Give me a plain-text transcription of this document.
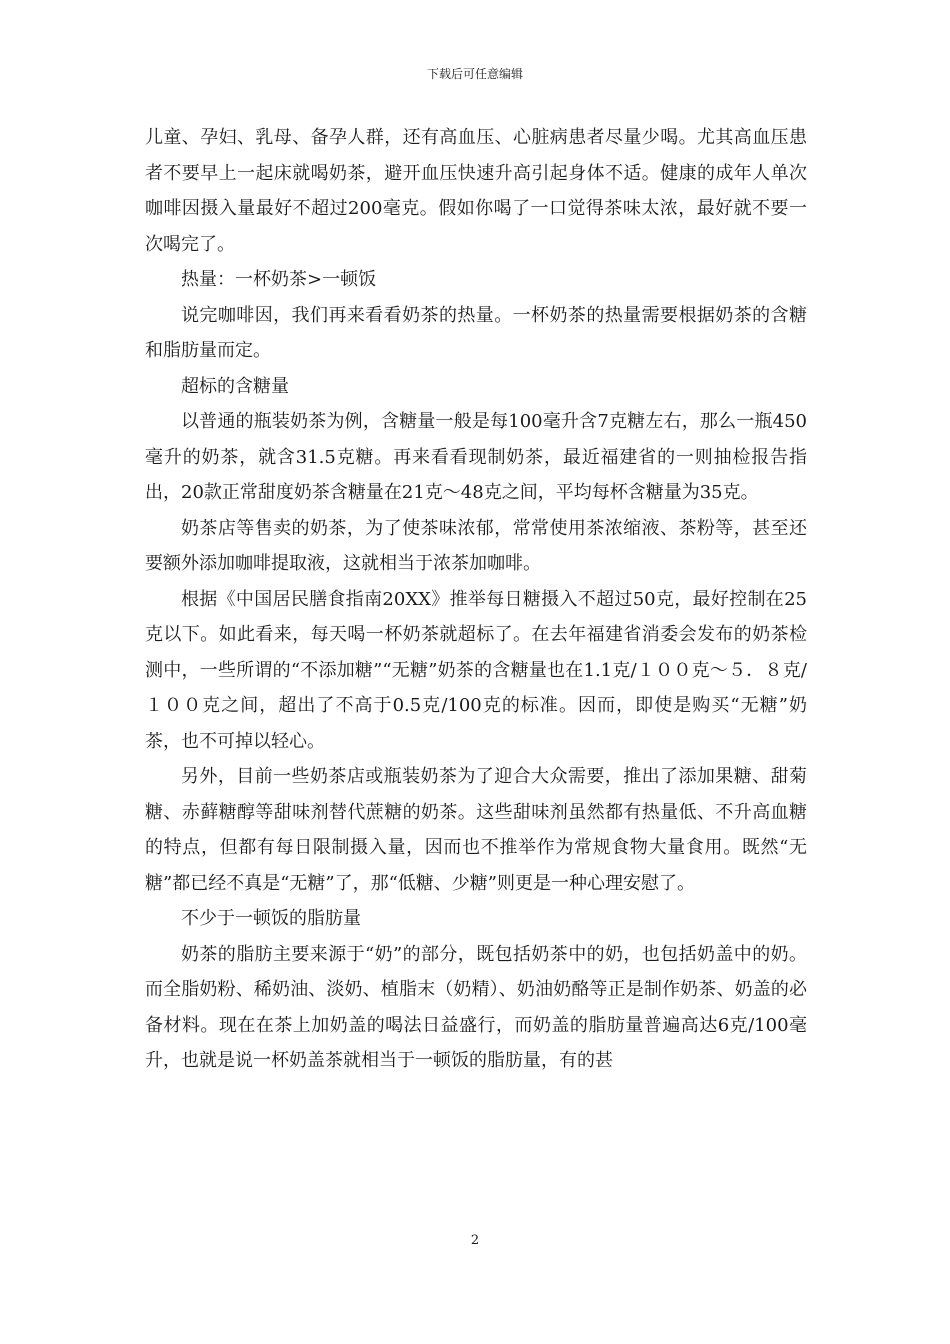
下载后可任意编辑

儿童、孕妇、乳母、备孕人群，还有高血压、心脏病患者尽量少喝。尤其高血压患者不要早上一起床就喝奶茶，避开血压快速升高引起身体不适。健康的成年人单次咖啡因摄入量最好不超过200毫克。假如你喝了一口觉得茶味太浓，最好就不要一次喝完了。

热量：一杯奶茶>一顿饭

说完咖啡因，我们再来看看奶茶的热量。一杯奶茶的热量需要根据奶茶的含糖和脂肪量而定。

超标的含糖量

以普通的瓶装奶茶为例，含糖量一般是每100毫升含7克糖左右，那么一瓶450毫升的奶茶，就含31.5克糖。再来看看现制奶茶，最近福建省的一则抽检报告指出，20款正常甜度奶茶含糖量在21克～48克之间，平均每杯含糖量为35克。

奶茶店等售卖的奶茶，为了使茶味浓郁，常常使用茶浓缩液、茶粉等，甚至还要额外添加咖啡提取液，这就相当于浓茶加咖啡。

根据《中国居民膳食指南20XX》推举每日糖摄入不超过50克，最好控制在25克以下。如此看来，每天喝一杯奶茶就超标了。在去年福建省消委会发布的奶茶检测中，一些所谓的“不添加糖”“无糖”奶茶的含糖量也在1.1克/１００克～５．８克/１００克之间，超出了不高于0.5克/100克的标准。因而，即使是购买“无糖”奶茶，也不可掉以轻心。

另外，目前一些奶茶店或瓶装奶茶为了迎合大众需要，推出了添加果糖、甜菊糖、赤藓糖醇等甜味剂替代蔗糖的奶茶。这些甜味剂虽然都有热量低、不升高血糖的特点，但都有每日限制摄入量，因而也不推举作为常规食物大量食用。既然“无糖”都已经不真是“无糖”了，那“低糖、少糖”则更是一种心理安慰了。

不少于一顿饭的脂肪量

奶茶的脂肪主要来源于“奶”的部分，既包括奶茶中的奶，也包括奶盖中的奶。而全脂奶粉、稀奶油、淡奶、植脂末（奶精）、奶油奶酪等正是制作奶茶、奶盖的必备材料。现在在茶上加奶盖的喝法日益盛行，而奶盖的脂肪量普遍高达6克/100毫升，也就是说一杯奶盖茶就相当于一顿饭的脂肪量，有的甚

2
